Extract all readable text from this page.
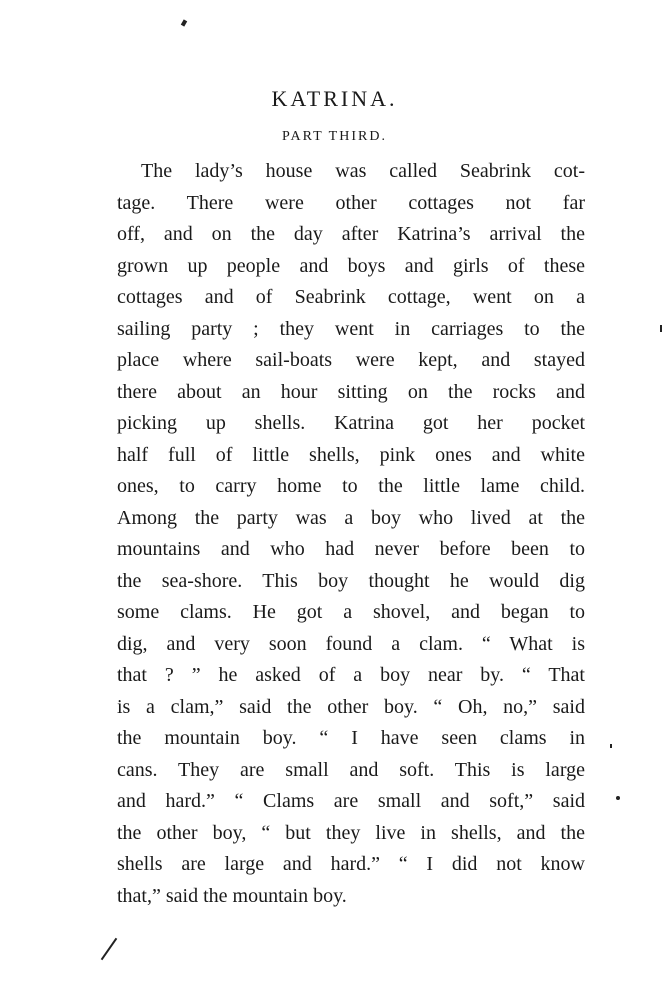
KATRINA.
PART THIRD.
The lady’s house was called Seabrink cot-
tage. There were other cottages not far
off, and on the day after Katrina’s arrival the
grown up people and boys and girls of these
cottages and of Seabrink cottage, went on a
sailing party ; they went in carriages to the
place where sail-boats were kept, and stayed
there about an hour sitting on the rocks and
picking up shells. Katrina got her pocket
half full of little shells, pink ones and white
ones, to carry home to the little lame child.
Among the party was a boy who lived at the
mountains and who had never before been to
the sea-shore. This boy thought he would dig
some clams. He got a shovel, and began to
dig, and very soon found a clam. “ What is
that ? ” he asked of a boy near by. “ That
is a clam,” said the other boy. “ Oh, no,” said
the mountain boy. “ I have seen clams in
cans. They are small and soft. This is large
and hard.” “ Clams are small and soft,” said
the other boy, “ but they live in shells, and the
shells are large and hard.” “ I did not know
that,” said the mountain boy.
